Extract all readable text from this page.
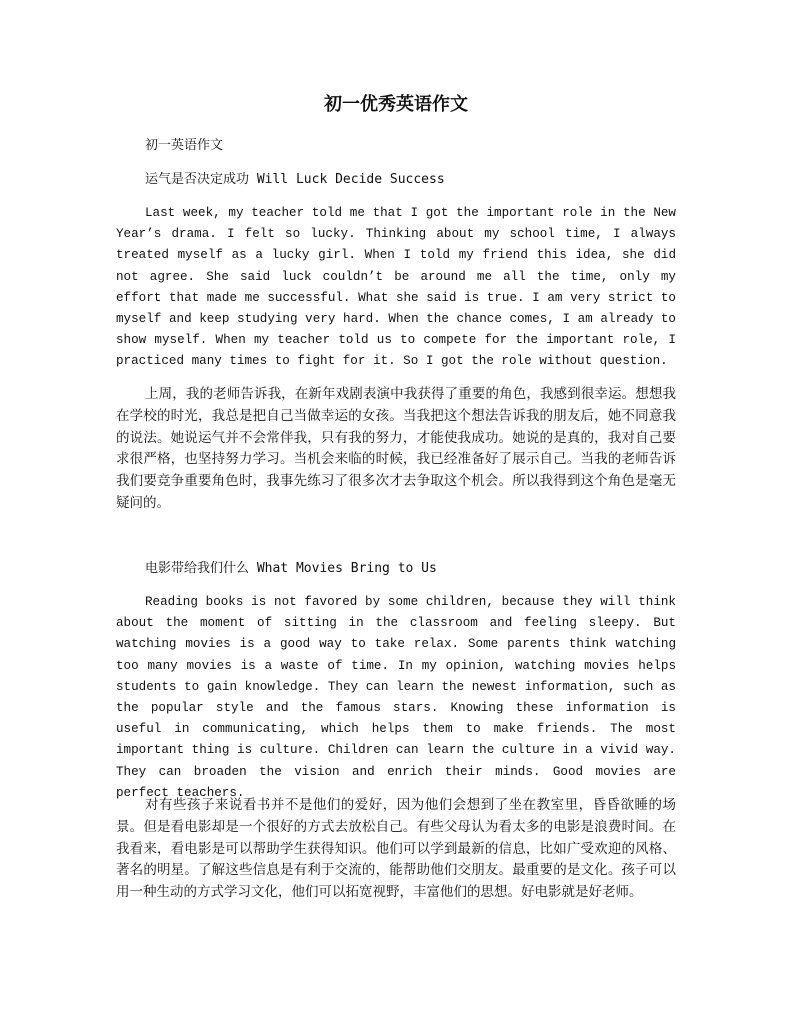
初一优秀英语作文
初一英语作文
运气是否决定成功 Will Luck Decide Success

Last week, my teacher told me that I got the important role in the New Year’s drama. I felt so lucky. Thinking about my school time, I always treated myself as a lucky girl. When I told my friend this idea, she did not agree. She said luck couldn’t be around me all the time, only my effort that made me successful. What she said is true. I am very strict to myself and keep studying very hard. When the chance comes, I am already to show myself. When my teacher told us to compete for the important role, I practiced many times to fight for it. So I got the role without question.

上周，我的老师告诉我，在新年戏剧表演中我获得了重要的角色，我感到很幸运。想想我在学校的时光，我总是把自己当做幸运的女孩。当我把这个想法告诉我的朋友后，她不同意我的说法。她说运气并不会常伴我，只有我的努力，才能使我成功。她说的是真的，我对自己要求很严格，也坚持努力学习。当机会来临的时候，我已经准备好了展示自己。当我的老师告诉我们要竞争重要角色时，我事先练习了很多次才去争取这个机会。所以我得到这个角色是毫无疑问的。

电影带给我们什么 What Movies Bring to Us

Reading books is not favored by some children, because they will think about the moment of sitting in the classroom and feeling sleepy. But watching movies is a good way to take relax. Some parents think watching too many movies is a waste of time. In my opinion, watching movies helps students to gain knowledge. They can learn the newest information, such as the popular style and the famous stars. Knowing these information is useful in communicating, which helps them to make friends. The most important thing is culture. Children can learn the culture in a vivid way. They can broaden the vision and enrich their minds. Good movies are perfect teachers.

对有些孩子来说看书并不是他们的爱好，因为他们会想到了坐在教室里，昏昏欲睡的场景。但是看电影却是一个很好的方式去放松自己。有些父母认为看太多的电影是浪费时间。在我看来，看电影是可以帮助学生获得知识。他们可以学到最新的信息，比如广受欢迎的风格、著名的明星。了解这些信息是有利于交流的，能帮助他们交朋友。最重要的是文化。孩子可以用一种生动的方式学习文化，他们可以拓宽视野，丰富他们的思想。好电影就是好老师。
